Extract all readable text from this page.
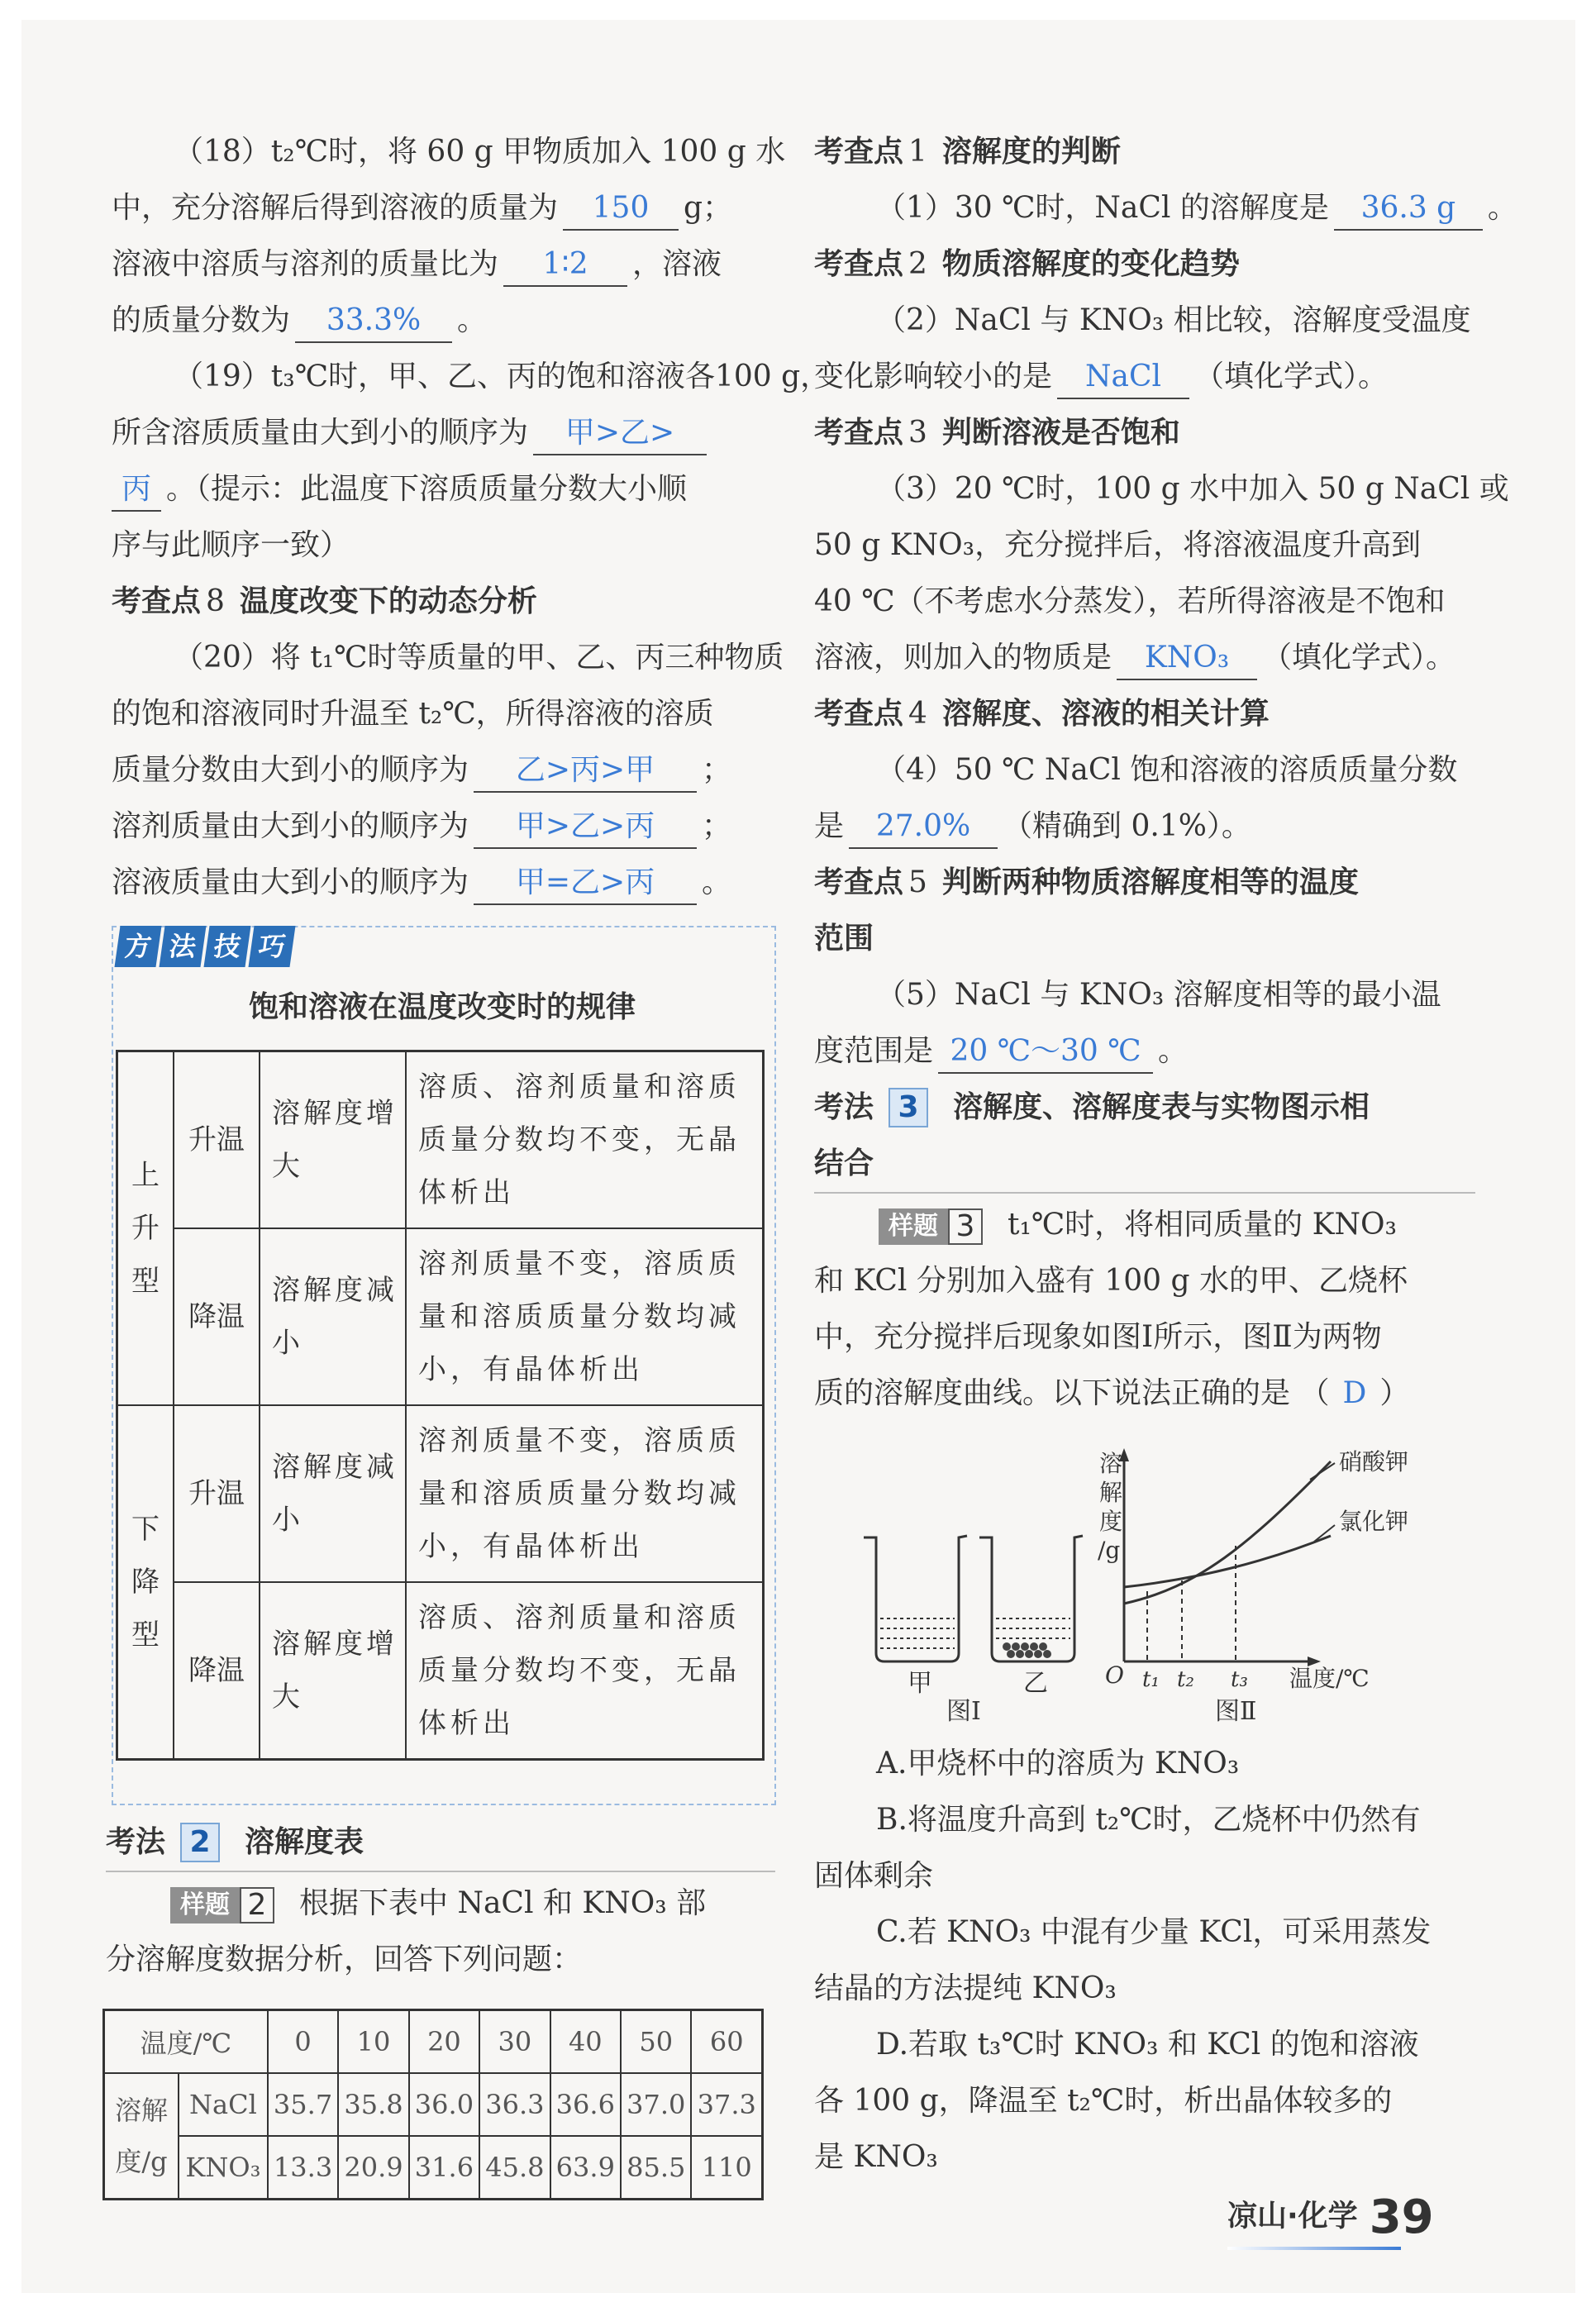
（18）t₂℃时，将 60 g 甲物质加入 100 g 水
中，充分溶解后得到溶液的质量为 150 g；
溶液中溶质与溶剂的质量比为 1∶2 ，溶液
的质量分数为 33.3% 。
（19）t₃℃时，甲、乙、丙的饱和溶液各100 g，
所含溶质质量由大到小的顺序为 甲>乙>
丙 。（提示：此温度下溶质质量分数大小顺
序与此顺序一致）
考查点 8 温度改变下的动态分析
（20）将 t₁℃时等质量的甲、乙、丙三种物质
的饱和溶液同时升温至 t₂℃，所得溶液的溶质
质量分数由大到小的顺序为 乙>丙>甲 ；
溶剂质量由大到小的顺序为 甲>乙>丙 ；
溶液质量由大到小的顺序为 甲=乙>丙 。
方 法 技 巧
饱和溶液在温度改变时的规律
上
升
型	升温	溶解度增大	溶质、溶剂质量和溶质质量分数均不变，无晶体析出
	降温	溶解度减小	溶剂质量不变，溶质质量和溶质质量分数均减小，有晶体析出
下
降
型	升温	溶解度减小	溶剂质量不变，溶质质量和溶质质量分数均减小，有晶体析出
	降温	溶解度增大	溶质、溶剂质量和溶质质量分数均不变，无晶体析出
考法 2 溶解度表
样题 2 根据下表中 NaCl 和 KNO₃ 部
分溶解度数据分析，回答下列问题：
温度/℃		0	10	20	30	40	50	60
溶解度/g	NaCl	35.7	35.8	36.0	36.3	36.6	37.0	37.3
	KNO₃	13.3	20.9	31.6	45.8	63.9	85.5	110
考查点 1 溶解度的判断
（1）30 ℃时，NaCl 的溶解度是 36.3 g 。
考查点 2 物质溶解度的变化趋势
（2）NaCl 与 KNO₃ 相比较，溶解度受温度
变化影响较小的是 NaCl （填化学式）。
考查点 3 判断溶液是否饱和
（3）20 ℃时，100 g 水中加入 50 g NaCl 或
50 g KNO₃，充分搅拌后，将溶液温度升高到
40 ℃（不考虑水分蒸发），若所得溶液是不饱和
溶液，则加入的物质是 KNO₃ （填化学式）。
考查点 4 溶解度、溶液的相关计算
（4）50 ℃ NaCl 饱和溶液的溶质质量分数
是 27.0% （精确到 0.1%）。
考查点 5 判断两种物质溶解度相等的温度
范围
（5）NaCl 与 KNO₃ 溶解度相等的最小温
度范围是 20 ℃～30 ℃ 。
考法 3 溶解度、溶解度表与实物图示相
结合
样题 3 t₁℃时，将相同质量的 KNO₃
和 KCl 分别加入盛有 100 g 水的甲、乙烧杯
中，充分搅拌后现象如图Ⅰ所示，图Ⅱ为两物
质的溶解度曲线。以下说法正确的是 （ D ）
甲	乙
图Ⅰ
溶
解
度
/g
O t₁ t₂ t₃ 温度/℃
硝酸钾
氯化钾
图Ⅱ
A.甲烧杯中的溶质为 KNO₃
B.将温度升高到 t₂℃时，乙烧杯中仍然有
固体剩余
C.若 KNO₃ 中混有少量 KCl，可采用蒸发
结晶的方法提纯 KNO₃
D.若取 t₃℃时 KNO₃ 和 KCl 的饱和溶液
各 100 g，降温至 t₂℃时，析出晶体较多的
是 KNO₃
凉山·化学 39
